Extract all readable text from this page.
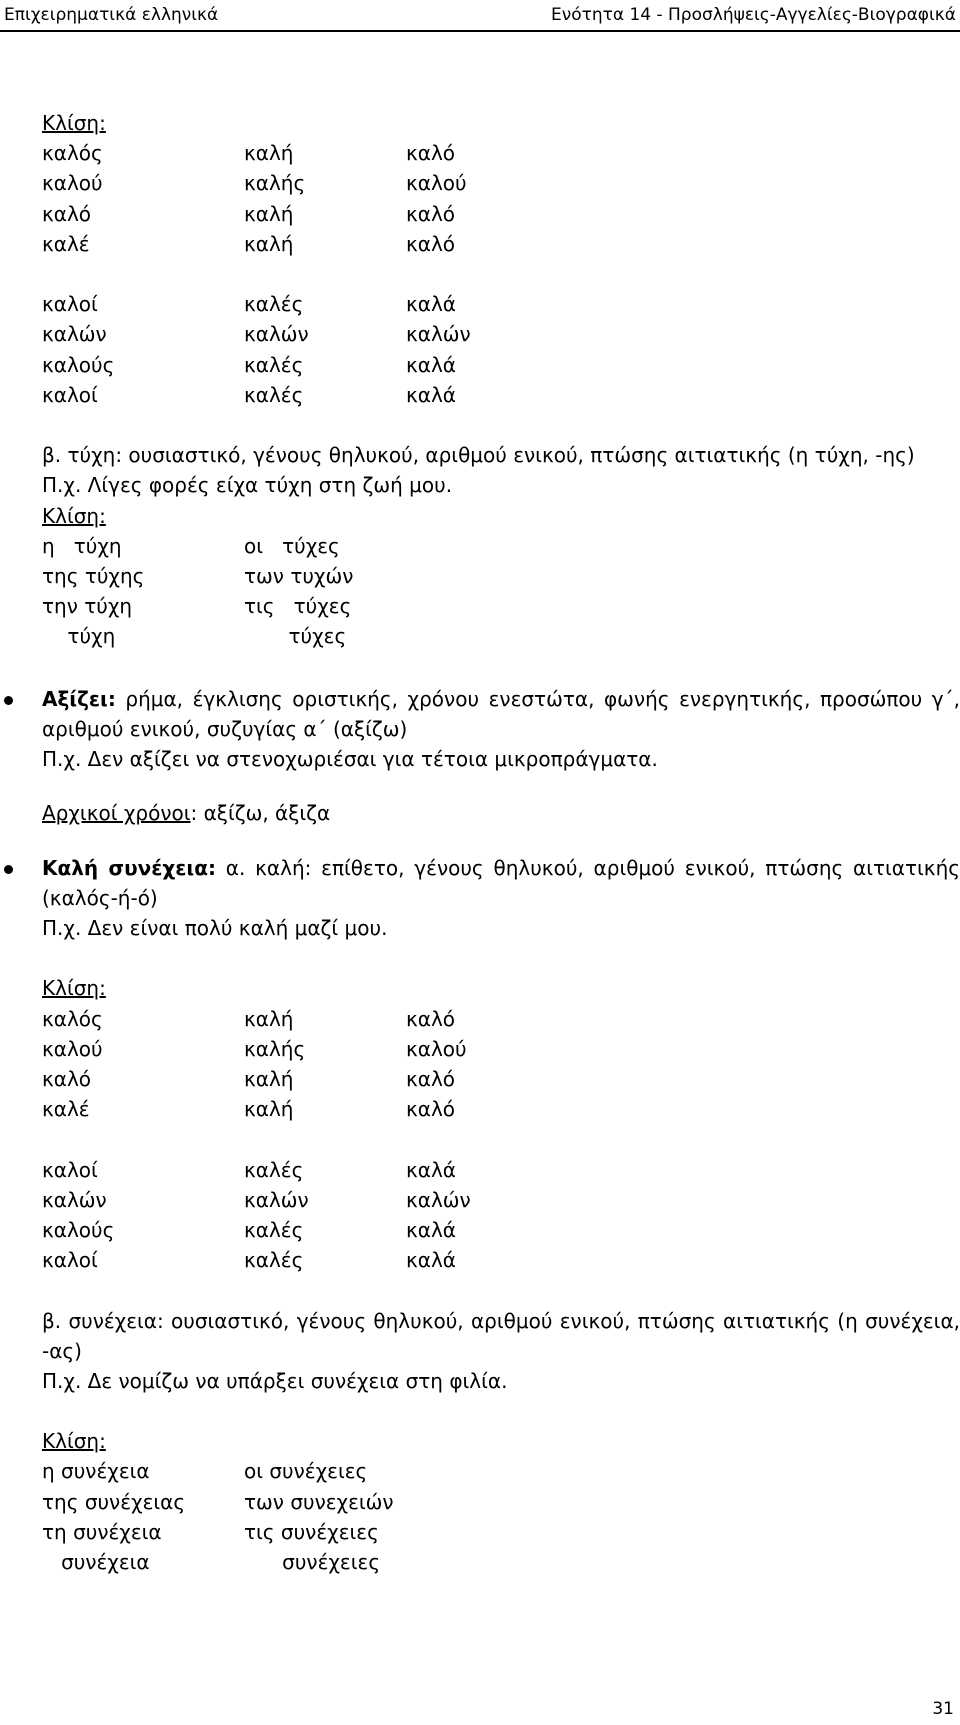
Επιχειρηματικά ελληνικά	Ενότητα 14 - Προσλήψεις-Αγγελίες-Βιογραφικά
Κλίση:
καλός	καλή	καλό
καλού	καλής	καλού
καλό	καλή	καλό
καλέ	καλή	καλό
καλοί	καλές	καλά
καλών	καλών	καλών
καλούς	καλές	καλά
καλοί	καλές	καλά
β. τύχη: ουσιαστικό, γένους θηλυκού, αριθμού ενικού, πτώσης αιτιατικής (η τύχη, -ης)
Π.χ. Λίγες φορές είχα τύχη στη ζωή μου.
Κλίση:
η   τύχη	οι   τύχες
της τύχης	των τυχών
την τύχη	τις   τύχες
τύχη	τύχες
Αξίζει: ρήμα, έγκλισης οριστικής, χρόνου ενεστώτα, φωνής ενεργητικής, προσώπου γ΄, αριθμού ενικού, συζυγίας α΄ (αξίζω)
Π.χ. Δεν αξίζει να στενοχωριέσαι για τέτοια μικροπράγματα.
Αρχικοί χρόνοι: αξίζω, άξιζα
Καλή συνέχεια: α. καλή: επίθετο, γένους θηλυκού, αριθμού ενικού, πτώσης αιτιατικής (καλός-ή-ό)
Π.χ. Δεν είναι πολύ καλή μαζί μου.
Κλίση:
καλός	καλή	καλό
καλού	καλής	καλού
καλό	καλή	καλό
καλέ	καλή	καλό
καλοί	καλές	καλά
καλών	καλών	καλών
καλούς	καλές	καλά
καλοί	καλές	καλά
β. συνέχεια: ουσιαστικό, γένους θηλυκού, αριθμού ενικού, πτώσης αιτιατικής (η συνέχεια, -ας)
Π.χ. Δε νομίζω να υπάρξει συνέχεια στη φιλία.
Κλίση:
η συνέχεια	οι συνέχειες
της συνέχειας	των συνεχειών
τη συνέχεια	τις συνέχειες
συνέχεια	συνέχειες
31
